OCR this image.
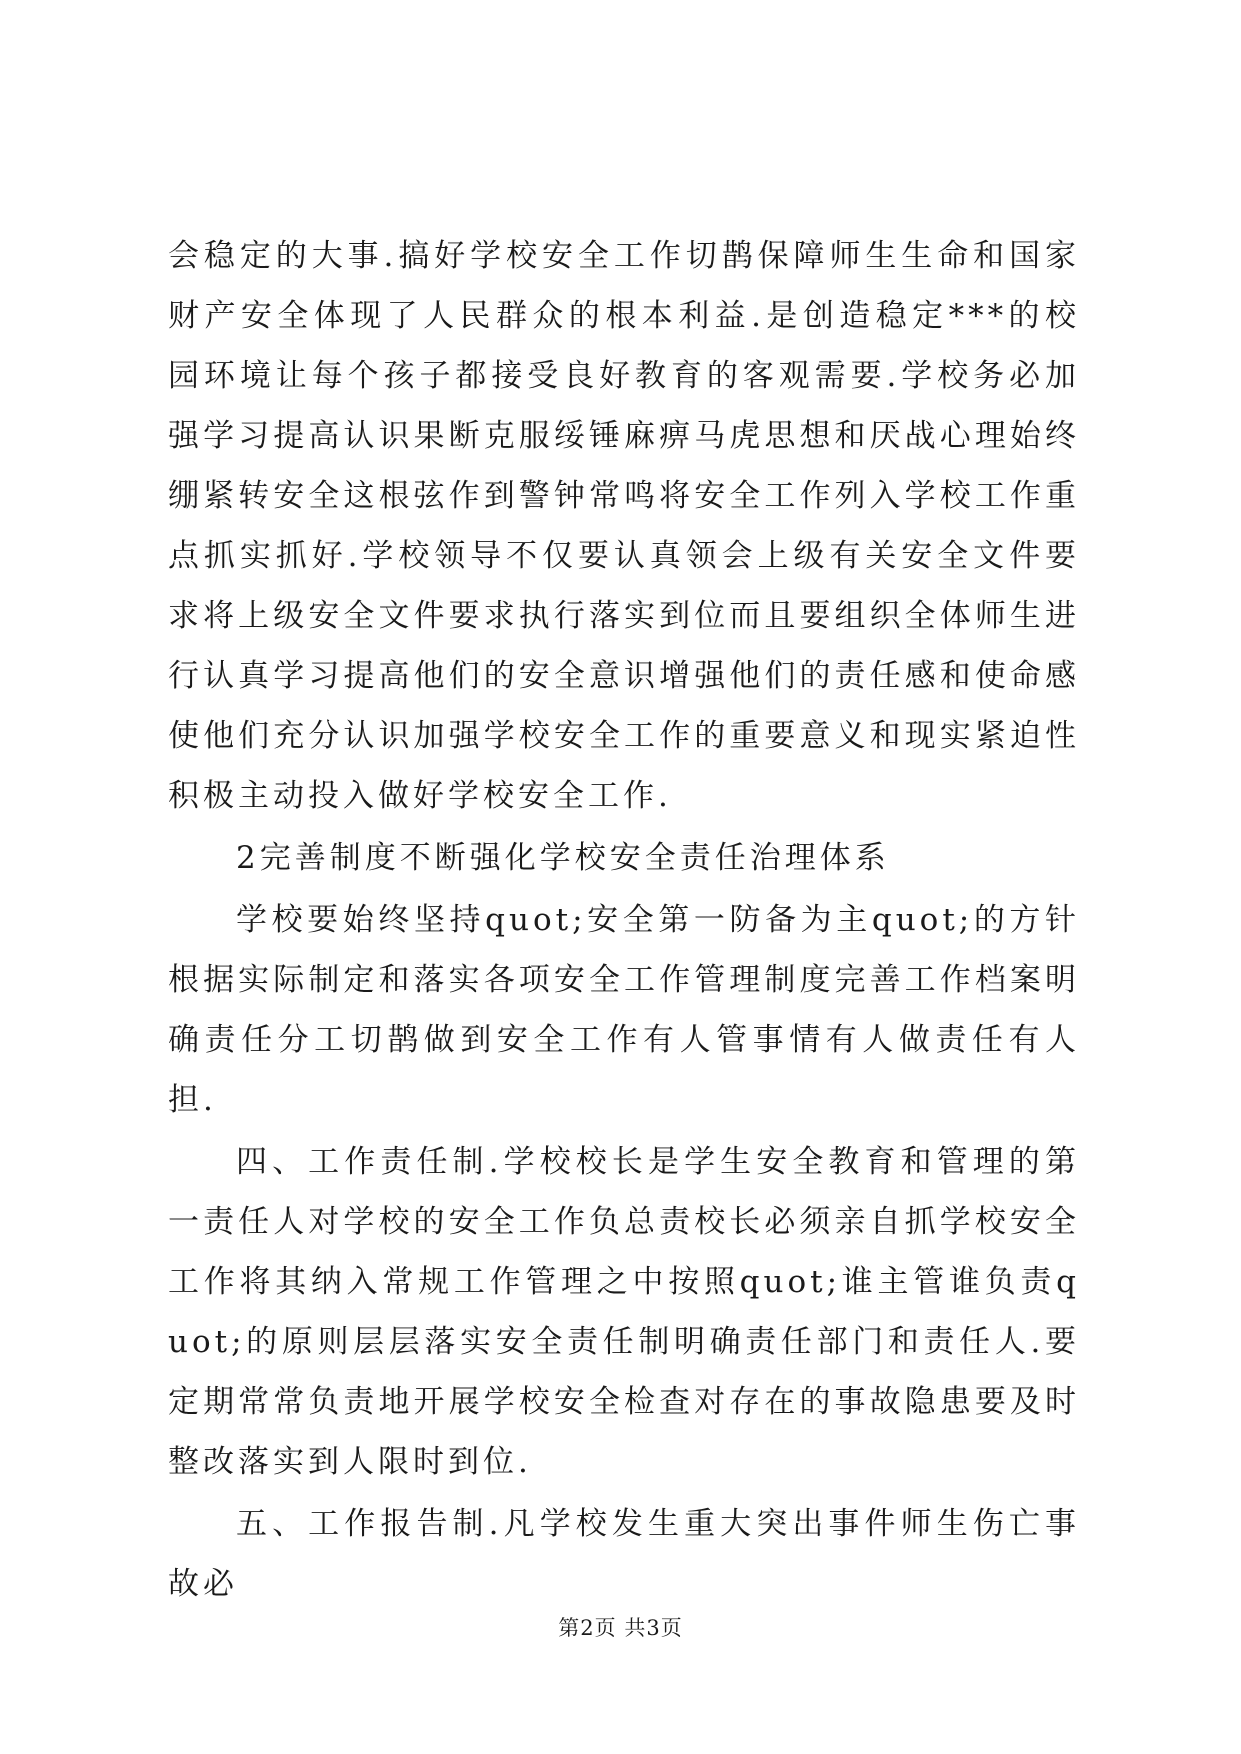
会稳定的大事.搞好学校安全工作切鹊保障师生生命和国家财产安全体现了人民群众的根本利益.是创造稳定***的校园环境让每个孩子都接受良好教育的客观需要.学校务必加强学习提高认识果断克服绥锤麻痹马虎思想和厌战心理始终绷紧转安全这根弦作到警钟常鸣将安全工作列入学校工作重点抓实抓好.学校领导不仅要认真领会上级有关安全文件要求将上级安全文件要求执行落实到位而且要组织全体师生进行认真学习提高他们的安全意识增强他们的责任感和使命感使他们充分认识加强学校安全工作的重要意义和现实紧迫性积极主动投入做好学校安全工作.

2完善制度不断强化学校安全责任治理体系

学校要始终坚持quot;安全第一防备为主quot;的方针根据实际制定和落实各项安全工作管理制度完善工作档案明确责任分工切鹊做到安全工作有人管事情有人做责任有人担.

四、工作责任制.学校校长是学生安全教育和管理的第一责任人对学校的安全工作负总责校长必须亲自抓学校安全工作将其纳入常规工作管理之中按照quot;谁主管谁负责quot;的原则层层落实安全责任制明确责任部门和责任人.要定期常常负责地开展学校安全检查对存在的事故隐患要及时整改落实到人限时到位.

五、工作报告制.凡学校发生重大突出事件师生伤亡事故必

第2页 共3页
